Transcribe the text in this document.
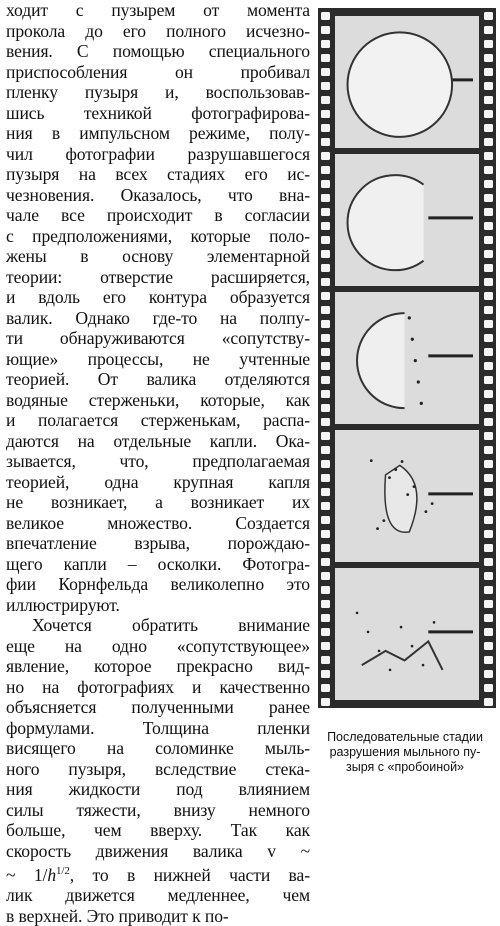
ходит с пузырем от момента
прокола до его полного исчезно-
вения. С помощью специального
приспособления он пробивал
пленку пузыря и, воспользовав-
шись техникой фотографирова-
ния в импульсном режиме, полу-
чил фотографии разрушавшегося
пузыря на всех стадиях его ис-
чезновения. Оказалось, что вна-
чале все происходит в согласии
с предположениями, которые поло-
жены в основу элементарной
теории: отверстие расширяется,
и вдоль его контура образуется
валик. Однако где-то на полпу-
ти обнаруживаются «сопутству-
ющие» процессы, не учтенные
теорией. От валика отделяются
водяные стерженьки, которые, как
и полагается стерженькам, распа-
даются на отдельные капли. Ока-
зывается, что, предполагаемая
теорией, одна крупная капля
не возникает, а возникает их
великое множество. Создается
впечатление взрыва, порождаю-
щего капли – осколки. Фотогра-
фии Корнфельда великолепно это
иллюстрируют.
Хочется обратить внимание
еще на одно «сопутствующее»
явление, которое прекрасно вид-
но на фотографиях и качественно
объясняется полученными ранее
формулами. Толщина пленки
висящего на соломинке мыль-
ного пузыря, вследствие стека-
ния жидкости под влиянием
силы тяжести, внизу немного
больше, чем вверху. Так как
скорость движения валика v ~
~ $1/h^{1/2}$, то в нижней части ва-
лик движется медленнее, чем
в верхней. Это приводит к по-
Последовательные стадии
разрушения мыльного пу-
зыря с «пробоиной»
